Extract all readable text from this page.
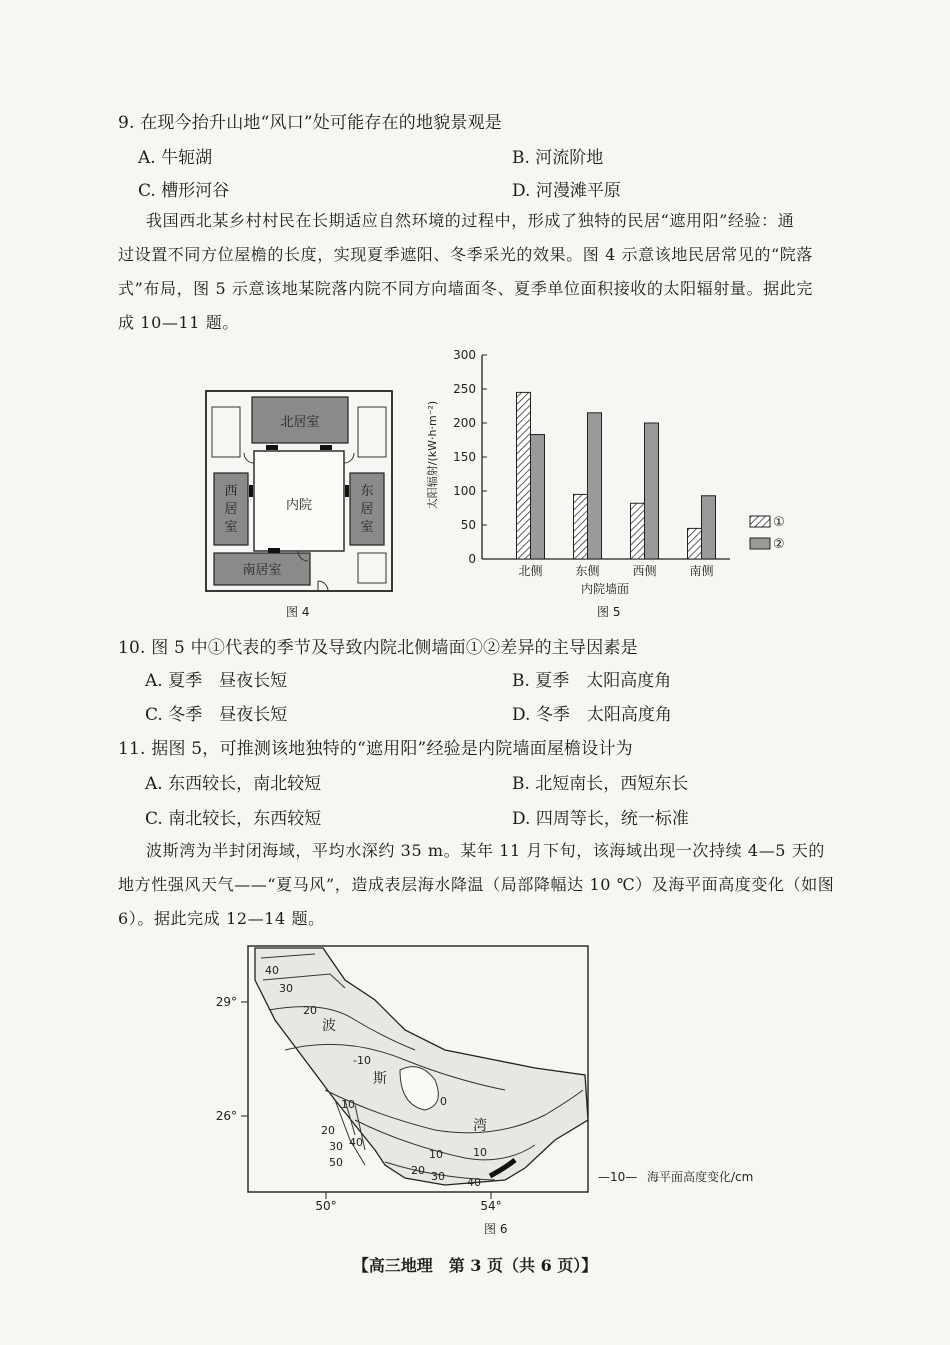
9. 在现今抬升山地“风口”处可能存在的地貌景观是
A. 牛轭湖	B. 河流阶地
C. 槽形河谷	D. 河漫滩平原
我国西北某乡村村民在长期适应自然环境的过程中，形成了独特的民居“遮用阳”经验：通
过设置不同方位屋檐的长度，实现夏季遮阳、冬季采光的效果。图 4 示意该地民居常见的“院落
式”布局，图 5 示意该地某院落内院不同方向墙面冬、夏季单位面积接收的太阳辐射量。据此完
成 10—11 题。
北居室
西
居
室
东
居
室
南居室
内院
图 4
0
50
100
150
200
250
300
北侧	东侧	西侧	南侧
太阳辐射/(kW·h·m⁻²)
内院墙面
①
②
图 5
10. 图 5 中①代表的季节及导致内院北侧墙面①②差异的主导因素是
A. 夏季　昼夜长短	B. 夏季　太阳高度角
C. 冬季　昼夜长短	D. 冬季　太阳高度角
11. 据图 5，可推测该地独特的“遮用阳”经验是内院墙面屋檐设计为
A. 东西较长，南北较短	B. 北短南长，西短东长
C. 南北较长，东西较短	D. 四周等长，统一标准
波斯湾为半封闭海域，平均水深约 35 m。某年 11 月下旬，该海域出现一次持续 4—5 天的
地方性强风天气——“夏马风”，造成表层海水降温（局部降幅达 10 ℃）及海平面高度变化（如图
6）。据此完成 12—14 题。
29°
26°
50°	54°
波
斯
湾
40
30
20
-10
0
10
10
20
30 40
50
10
20 30 40	—10— 海平面高度变化/cm
图 6
【高三地理　第 3 页（共 6 页）】
